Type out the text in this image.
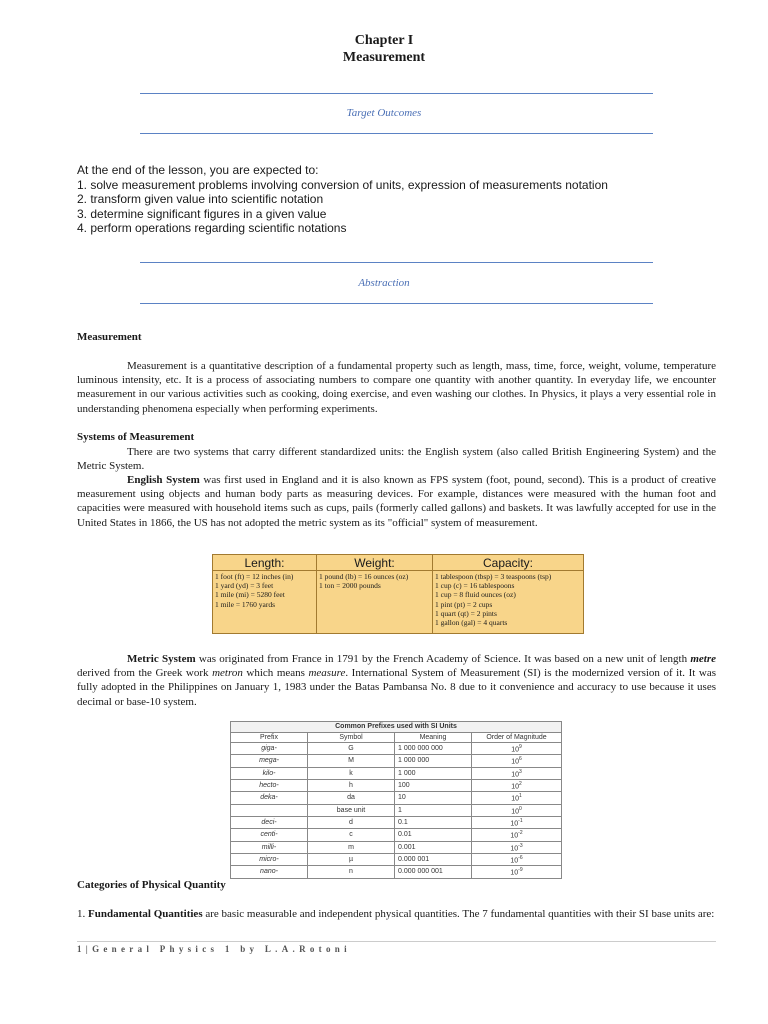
Chapter I
Measurement
Target Outcomes
At the end of the lesson, you are expected to:
1. solve measurement problems involving conversion of units, expression of measurements notation
2. transform given value into scientific notation
3. determine significant figures in a given value
4. perform operations regarding scientific notations
Abstraction
Measurement
Measurement is a quantitative description of a fundamental property such as length, mass, time, force, weight, volume, temperature luminous intensity, etc. It is a process of associating numbers to compare one quantity with another quantity. In everyday life, we encounter measurement in our various activities such as cooking, doing exercise, and even washing our clothes. In Physics, it plays a very essential role in understanding phenomena especially when performing experiments.
Systems of Measurement
There are two systems that carry different standardized units: the English system (also called British Engineering System) and the Metric System.
English System was first used in England and it is also known as FPS system (foot, pound, second). This is a product of creative measurement using objects and human body parts as measuring devices. For example, distances were measured with the human foot and capacities were measured with household items such as cups, pails (formerly called gallons) and baskets. It was lawfully accepted for use in the United States in 1866, the US has not adopted the metric system as its "official" system of measurement.
Length:
1 foot (ft) = 12 inches (in)
1 yard (yd) = 3 feet
1 mile (mi) = 5280 feet
1 mile = 1760 yards
Weight:
1 pound (lb) = 16 ounces (oz)
1 ton = 2000 pounds
Capacity:
1 tablespoon (tbsp) = 3 teaspoons (tsp)
1 cup (c) = 16 tablespoons
1 cup = 8 fluid ounces (oz)
1 pint (pt) = 2 cups
1 quart (qt) = 2 pints
1 gallon (gal) = 4 quarts
Metric System was originated from France in 1791 by the French Academy of Science. It was based on a new unit of length metre derived from the Greek work metron which means measure. International System of Measurement (SI) is the modernized version of it. It was fully adopted in the Philippines on January 1, 1983 under the Batas Pambansa No. 8 due to it convenience and accuracy to use because it uses decimal or base-10 system.
Common Prefixes used with SI Units			
Prefix	Symbol	Meaning	Order of Magnitude
giga-	G	1 000 000 000	$10^9$
mega-	M	1 000 000	$10^6$
kilo-	k	1 000	$10^3$
hecto-	h	100	$10^2$
deka-	da	10	$10^1$
	base unit	1	$10^0$
deci-	d	0.1	$10^{-1}$
centi-	c	0.01	$10^{-2}$
milli-	m	0.001	$10^{-3}$
micro-	µ	0.000 001	$10^{-6}$
nano-	n	0.000 000 001	$10^{-9}$
Categories of Physical Quantity
1. Fundamental Quantities are basic measurable and independent physical quantities. The 7 fundamental quantities with their SI base units are:
1|General Physics 1 by L.A.Rotoni
